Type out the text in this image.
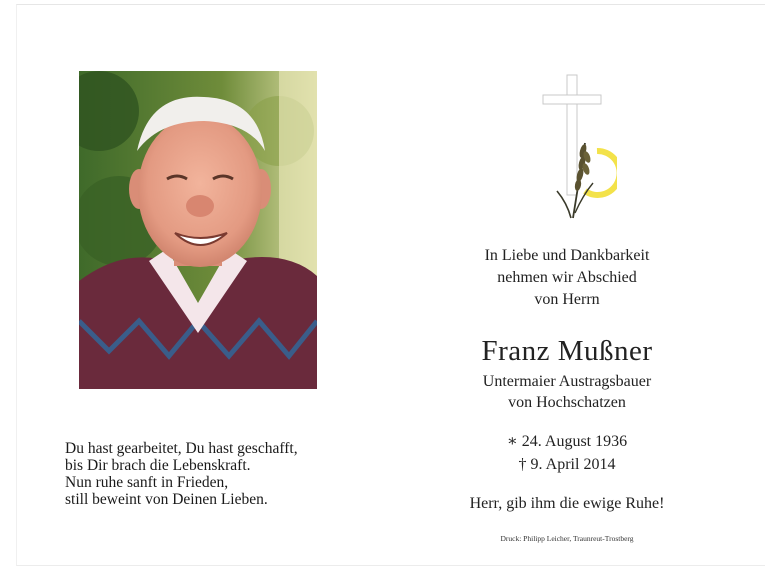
Du hast gearbeitet, Du hast geschafft,
bis Dir brach die Lebenskraft.
Nun ruhe sanft in Frieden,
still beweint von Deinen Lieben.
In Liebe und Dankbarkeit
nehmen wir Abschied
von Herrn
Franz Mußner
Untermaier Austragsbauer
von Hochschatzen
∗ 24. August 1936
† 9. April 2014
Herr, gib ihm die ewige Ruhe!
Druck: Philipp Leicher, Traunreut-Trostberg
